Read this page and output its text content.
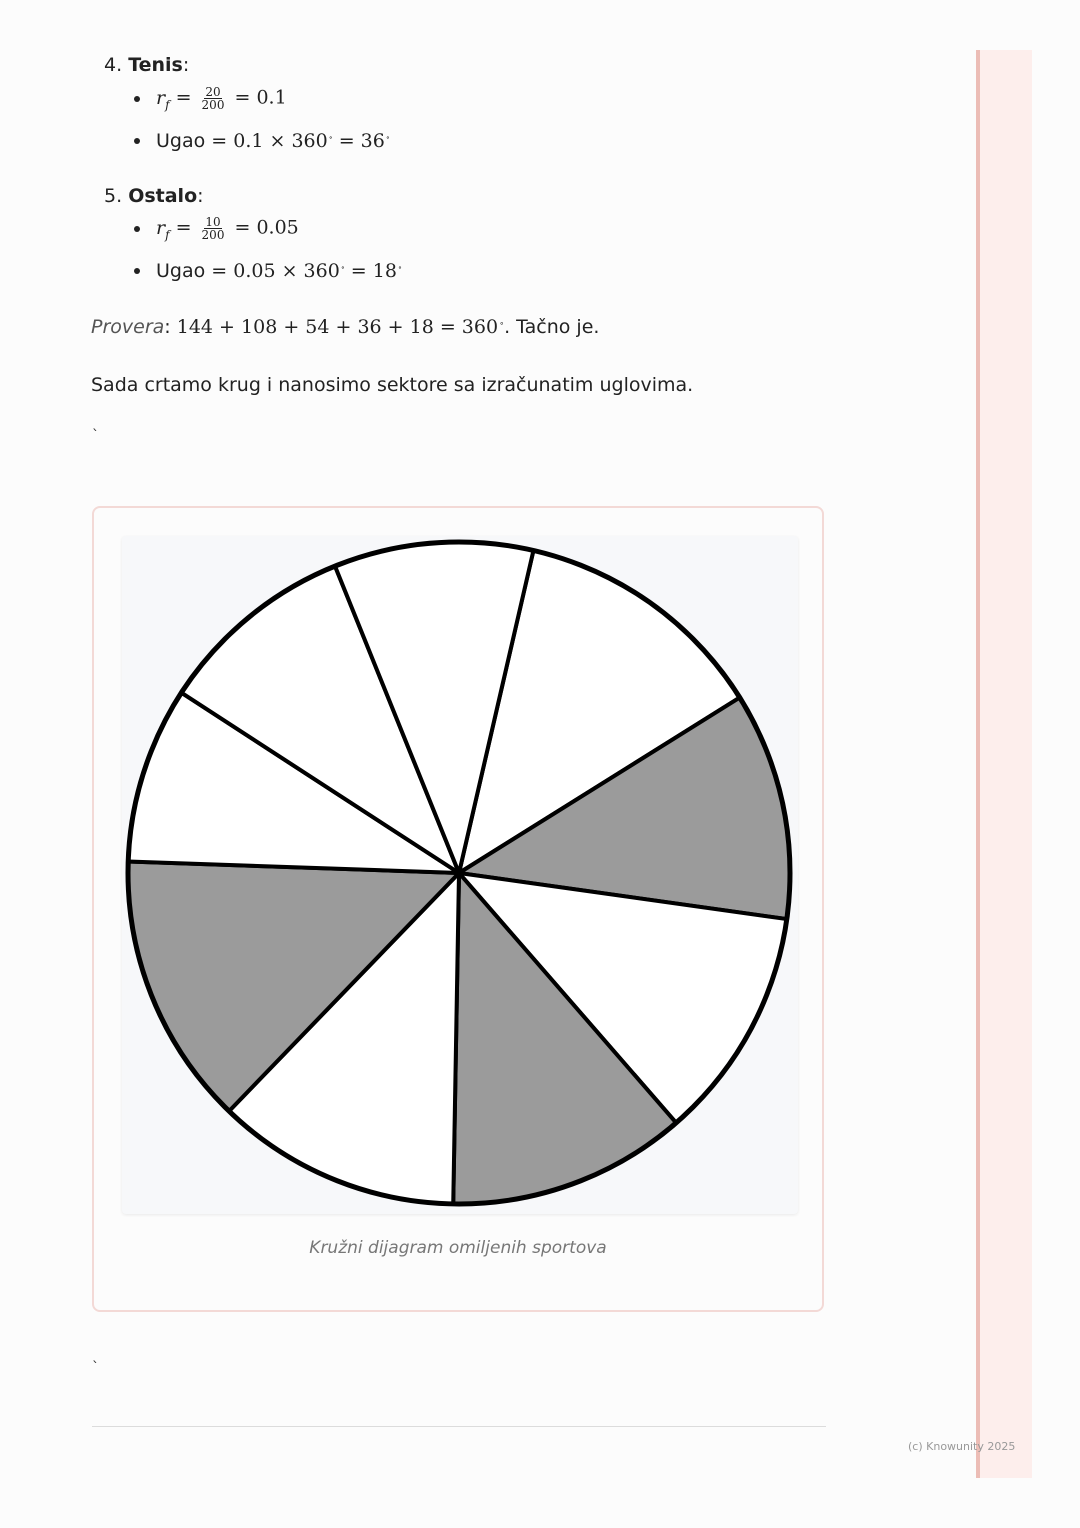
4. Tenis:
$r_f = \frac{20}{200} = 0.1$
Ugao
= 0.1 × 360∘ = 36∘
5. Ostalo:
$r_f = \frac{10}{200} = 0.05$
Ugao
= 0.05 × 360∘ = 18∘
Provera: 144 + 108 + 54 + 36 + 18 = 360∘. Tačno je.
Sada crtamo krug i nanosimo sektore sa izračunatim uglovima.
`
Kružni dijagram omiljenih sportova
`
(c) Knowunity 2025
